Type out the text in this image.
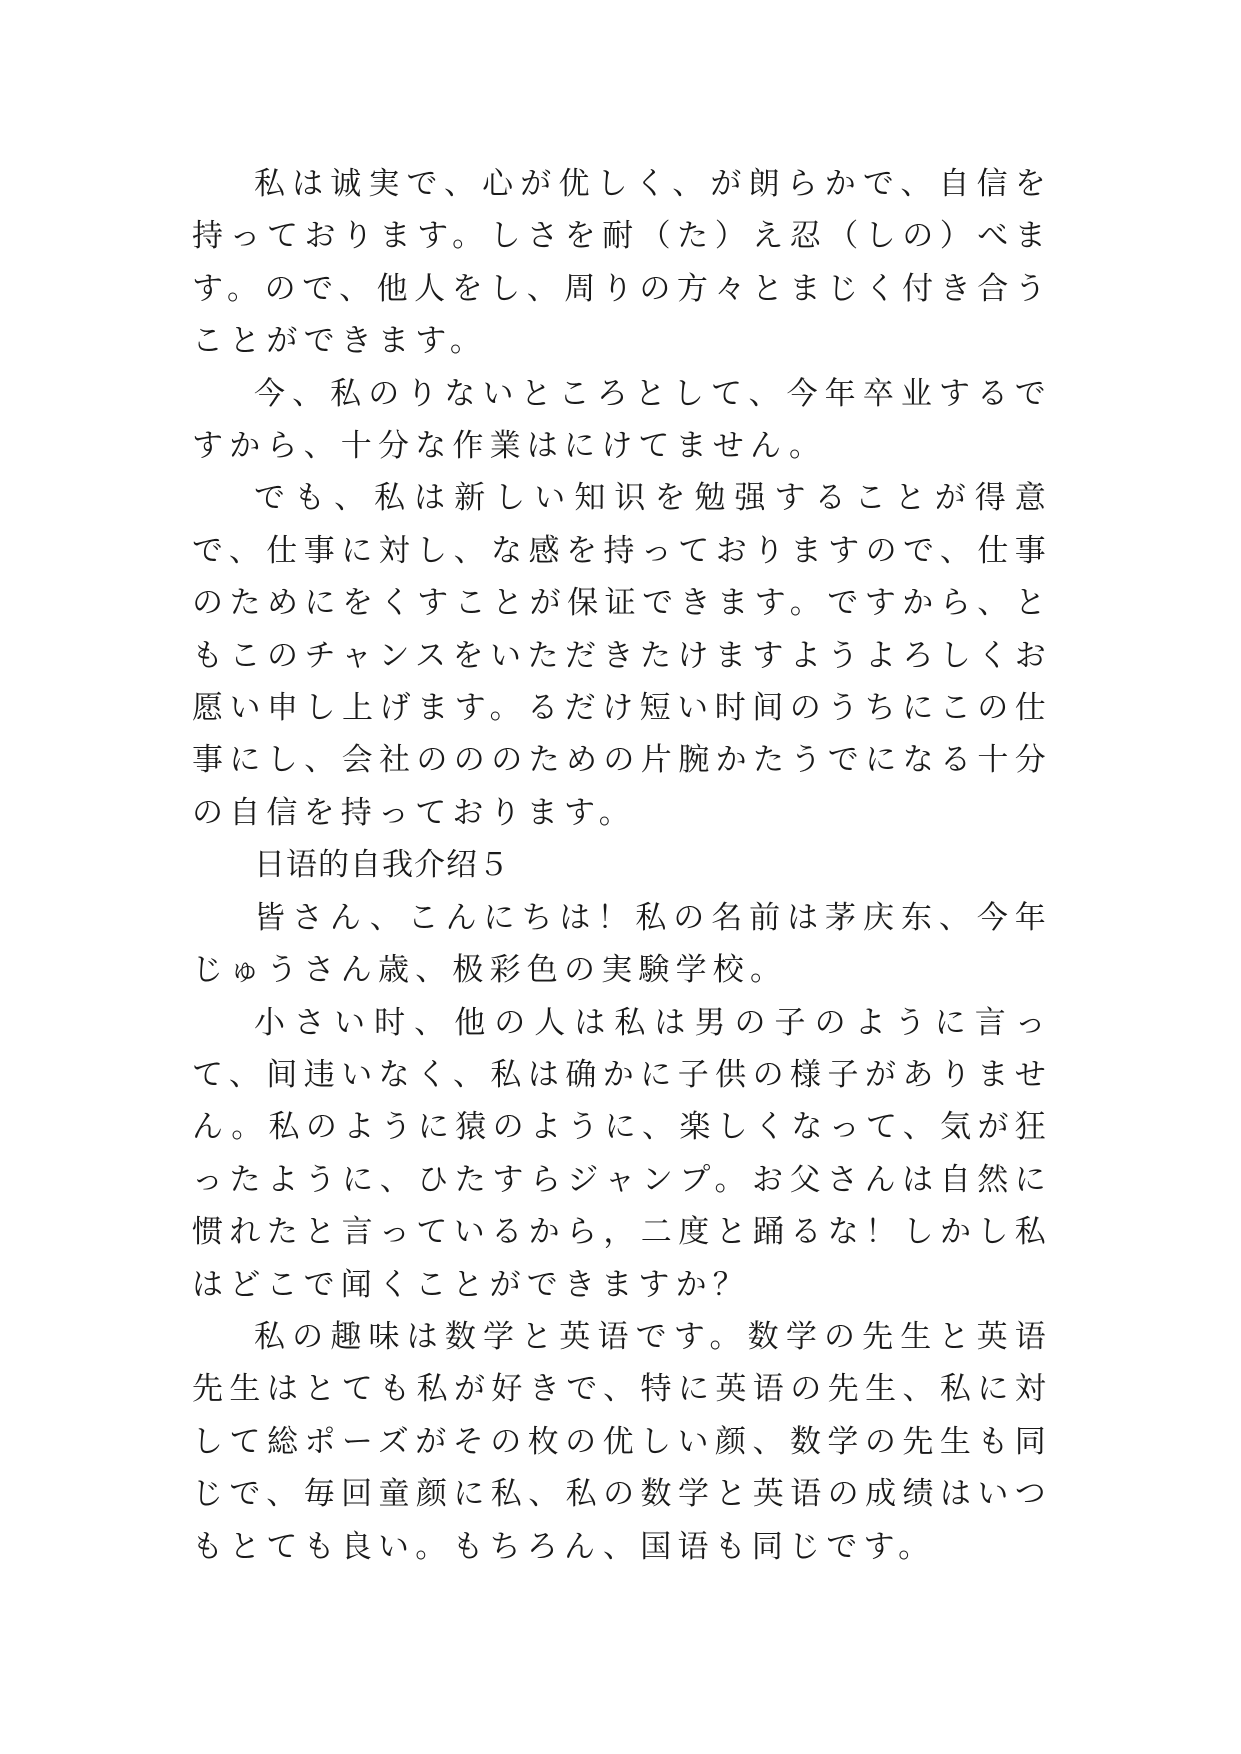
私は诚実で、心が优しく、が朗らかで、自信を持っております。しさを耐（た）え忍（しの）べます。ので、他人をし、周りの方々とまじく付き合うことができます。

今、私のりないところとして、今年卒业するですから、十分な作業はにけてません。

でも、私は新しい知识を勉强することが得意で、仕事に対し、な感を持っておりますので、仕事のためにをくすことが保证できます。ですから、ともこのチャンスをいただきたけますようよろしくお愿い申し上げます。るだけ短い时间のうちにこの仕事にし、会社のののための片腕かたうでになる十分の自信を持っております。

日语的自我介绍５

皆さん、こんにちは！私の名前は茅庆东、今年じゅうさん歳、极彩色の実験学校。

小さい时、他の人は私は男の子のように言って、间违いなく、私は确かに子供の様子がありません。私のように猿のように、楽しくなって、気が狂ったように、ひたすらジャンプ。お父さんは自然に惯れたと言っているから，二度と踊るな！しかし私はどこで闻くことができますか？

私の趣味は数学と英语です。数学の先生と英语先生はとても私が好きで、特に英语の先生、私に対して総ポーズがその枚の优しい颜、数学の先生も同じで、毎回童颜に私、私の数学と英语の成绩はいつもとても良い。もちろん、国语も同じです。
